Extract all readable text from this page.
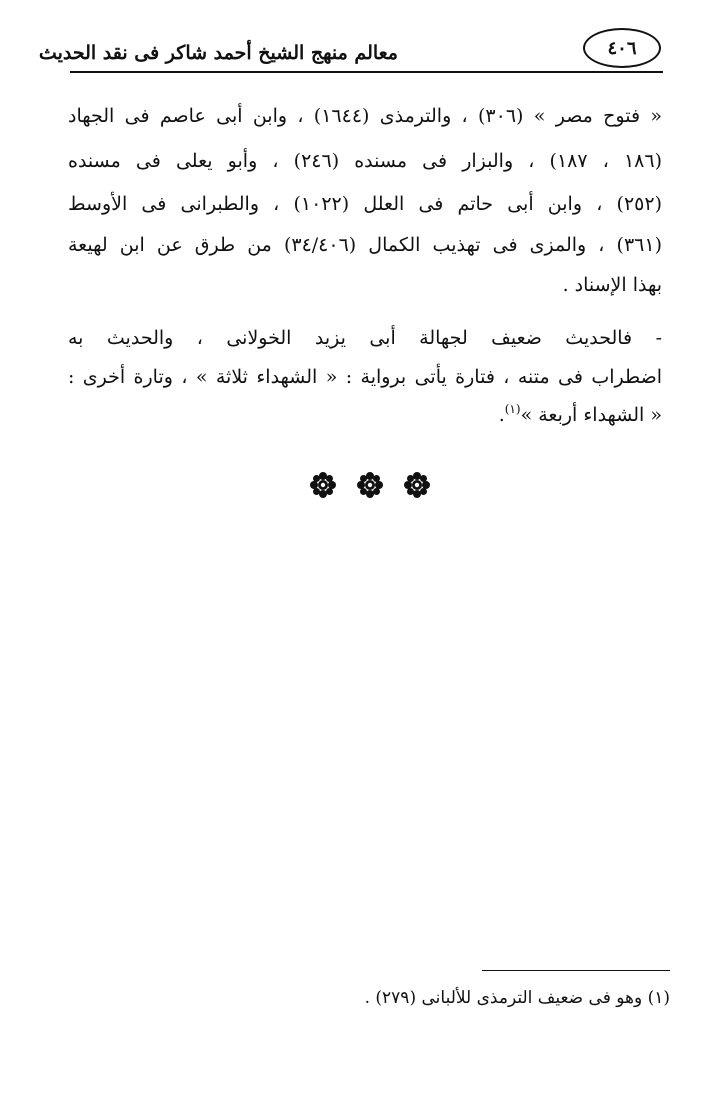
٤٠٦
معالم منهج الشيخ أحمد شاكر فى نقد الحديث
« فتوح مصر » (٣٠٦) ، والترمذى (١٦٤٤) ، وابن أبى عاصم فى الجهاد
(١٨٦ ، ١٨٧) ، والبزار فى مسنده (٢٤٦) ، وأبو يعلى فى مسنده
(٢٥٢) ، وابن أبى حاتم فى العلل (١٠٢٢) ، والطبرانى فى الأوسط
(٣٦١) ، والمزى فى تهذيب الكمال (٣٤/٤٠٦) من طرق عن ابن لهيعة
بهذا الإسناد .
- فالحديث ضعيف لجهالة أبى يزيد الخولانى ، والحديث به
اضطراب فى متنه ، فتارة يأتى برواية : « الشهداء ثلاثة » ، وتارة أخرى :
« الشهداء أربعة »$^{(١)}$.
(١) وهو فى ضعيف الترمذى للألبانى (٢٧٩) .
